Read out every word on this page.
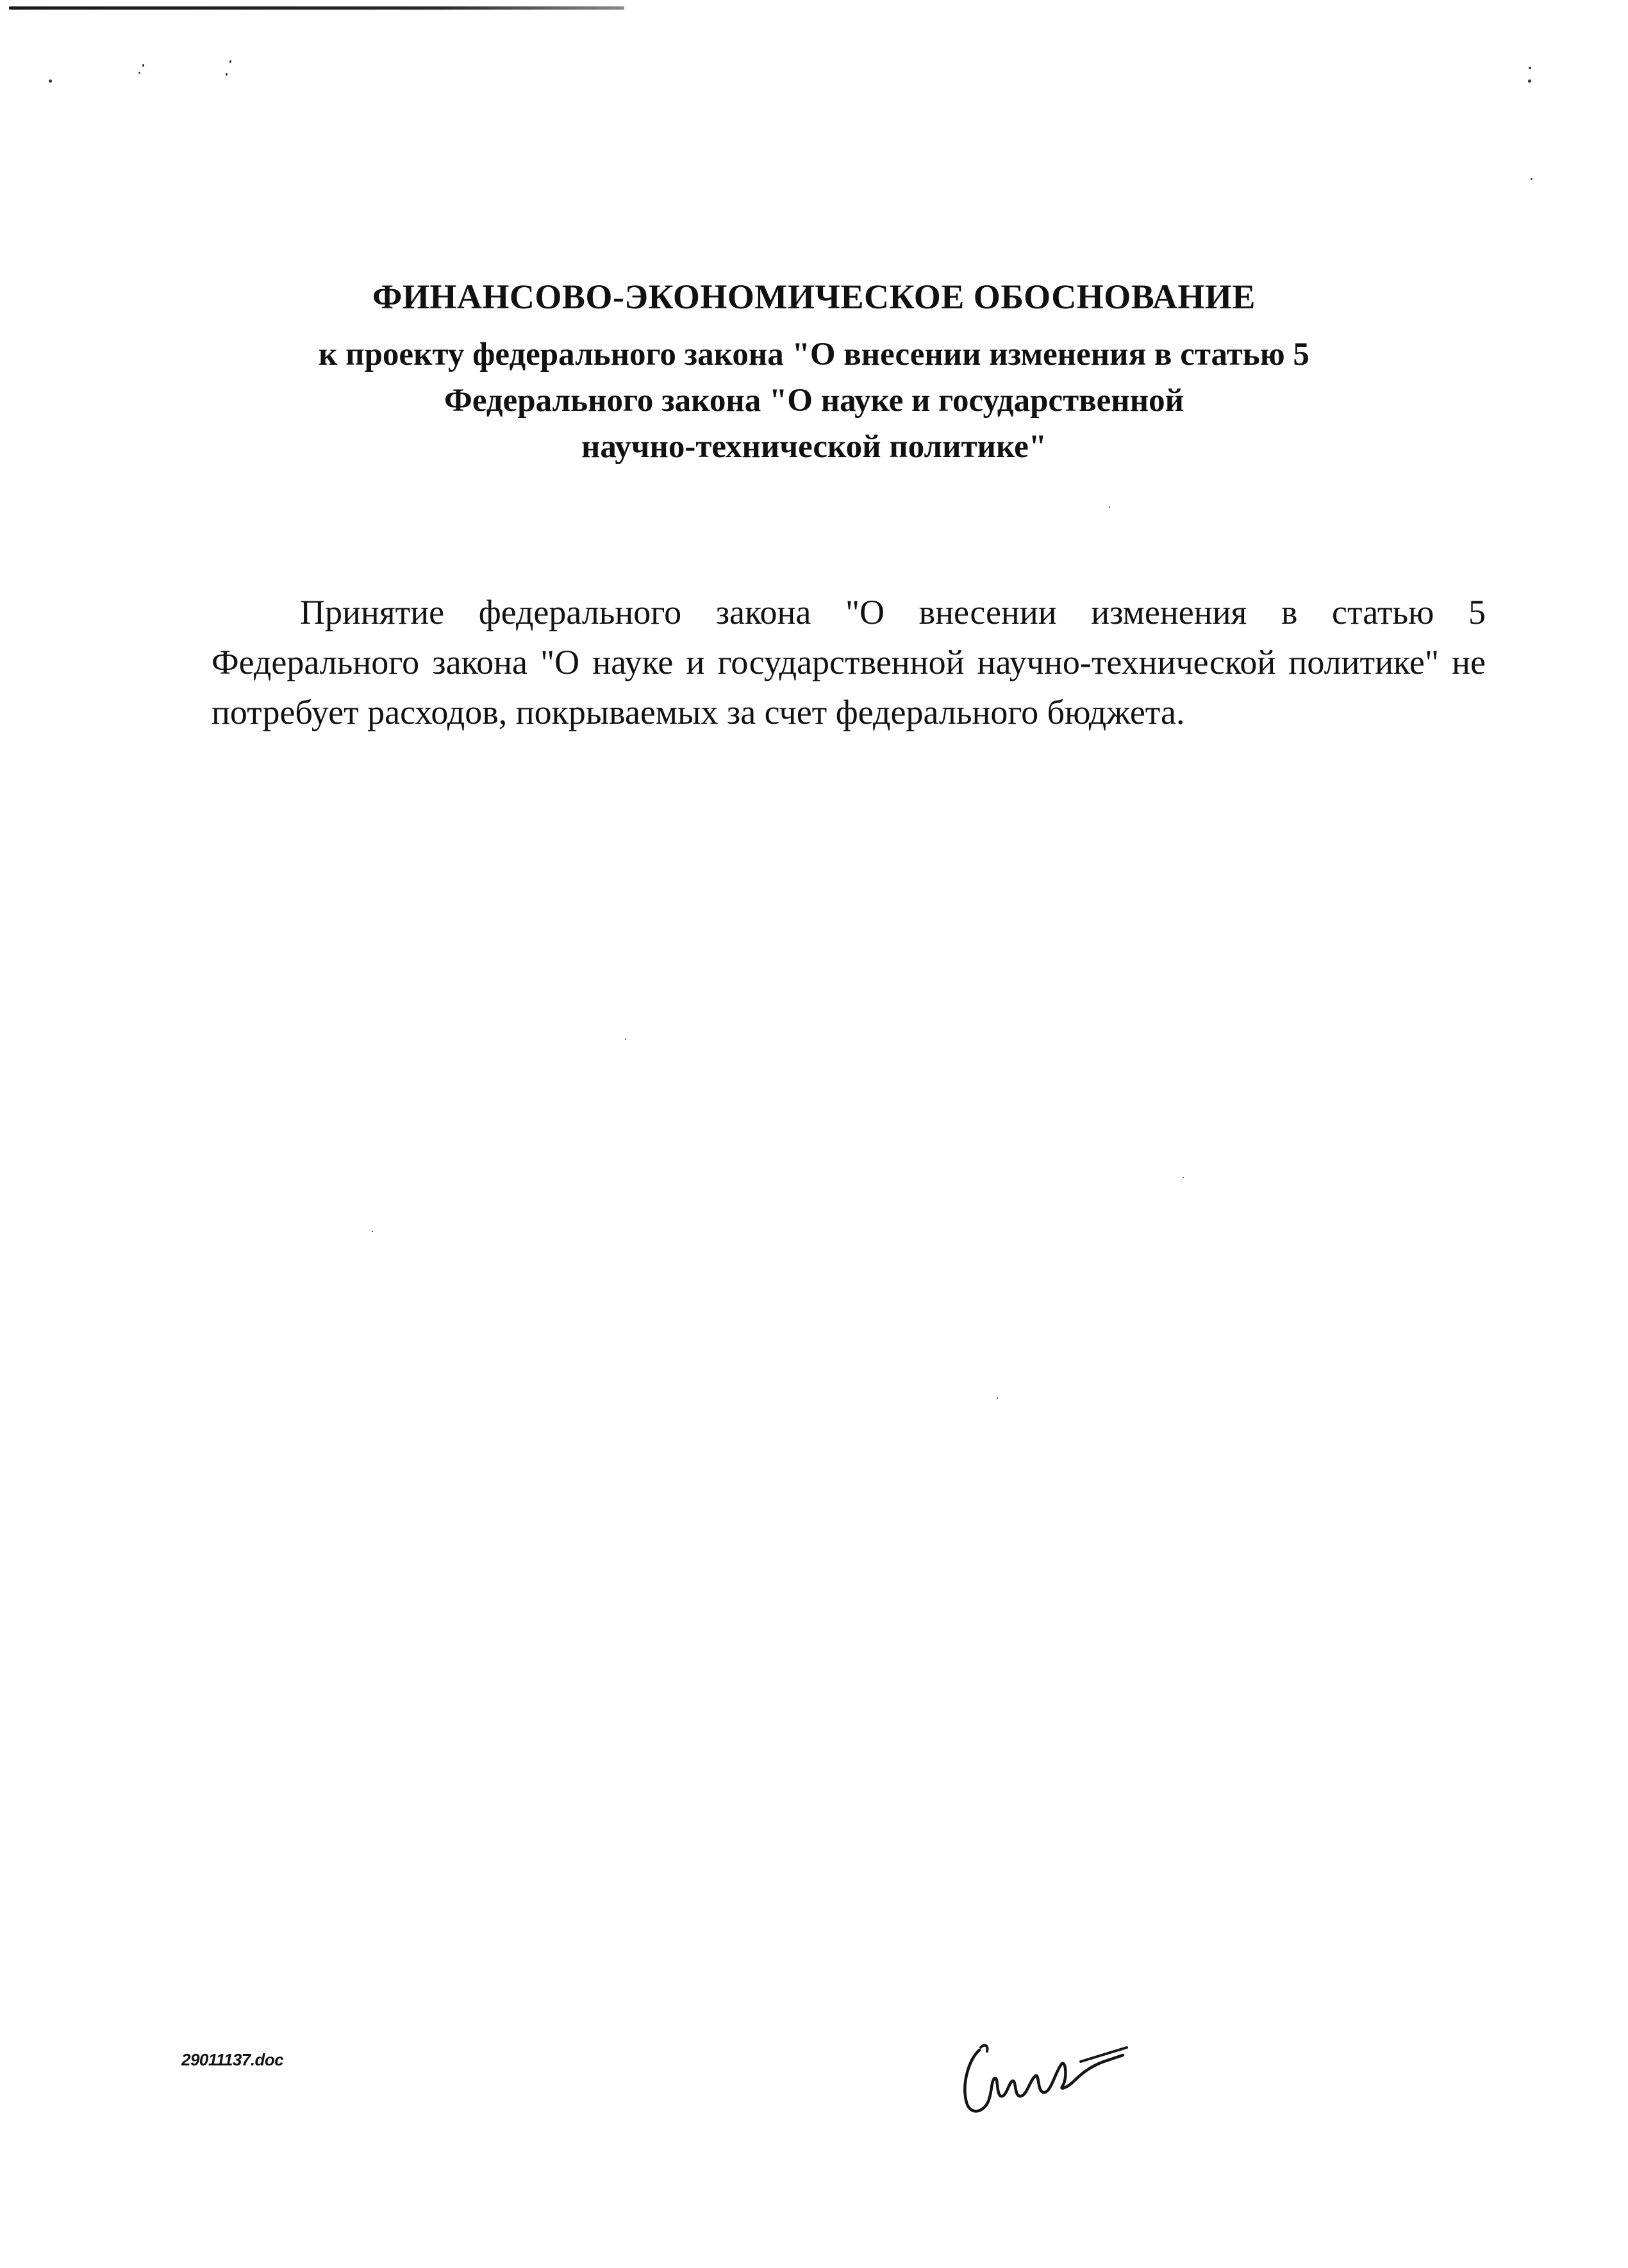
ФИНАНСОВО-ЭКОНОМИЧЕСКОЕ ОБОСНОВАНИЕ
к проекту федерального закона "О внесении изменения в статью 5
Федерального закона "О науке и государственной
научно-технической политике"

Принятие федерального закона "О внесении изменения в статью 5 Федерального закона "О науке и государственной научно-технической политике" не потребует расходов, покрываемых за счет федерального бюджета.

29011137.doc
